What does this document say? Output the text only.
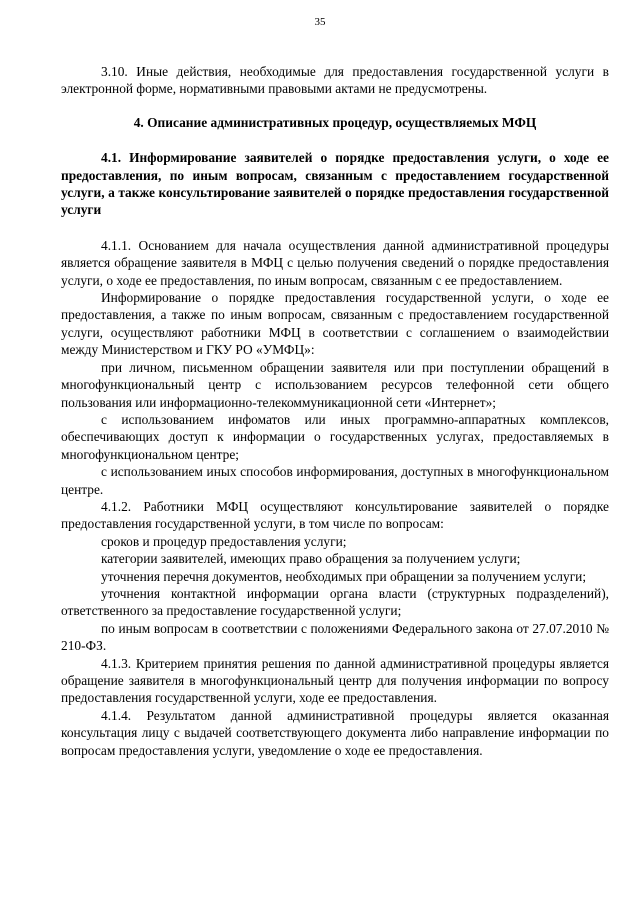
35

3.10. Иные действия, необходимые для предоставления государственной услуги в электронной форме, нормативными правовыми актами не предусмотрены.

4. Описание административных процедур, осуществляемых МФЦ

4.1. Информирование заявителей о порядке предоставления услуги, о ходе ее предоставления, по иным вопросам, связанным с предоставлением государственной услуги, а также консультирование заявителей о порядке предоставления государственной услуги

4.1.1. Основанием для начала осуществления данной административной процедуры является обращение заявителя в МФЦ с целью получения сведений о порядке предоставления услуги, о ходе ее предоставления, по иным вопросам, связанным с ее предоставлением.

Информирование о порядке предоставления государственной услуги, о ходе ее предоставления, а также по иным вопросам, связанным с предоставлением государственной услуги, осуществляют работники МФЦ в соответствии с соглашением о взаимодействии между Министерством и ГКУ РО «УМФЦ»:

при личном, письменном обращении заявителя или при поступлении обращений в многофункциональный центр с использованием ресурсов телефонной сети общего пользования или информационно-телекоммуникационной сети «Интернет»;

с использованием инфоматов или иных программно-аппаратных комплексов, обеспечивающих доступ к информации о государственных услугах, предоставляемых в многофункциональном центре;

с использованием иных способов информирования, доступных в многофункциональном центре.

4.1.2. Работники МФЦ осуществляют консультирование заявителей о порядке предоставления государственной услуги, в том числе по вопросам:

сроков и процедур предоставления услуги;

категории заявителей, имеющих право обращения за получением услуги;

уточнения перечня документов, необходимых при обращении за получением услуги;

уточнения контактной информации органа власти (структурных подразделений), ответственного за предоставление государственной услуги;

по иным вопросам в соответствии с положениями Федерального закона от 27.07.2010 № 210-ФЗ.

4.1.3. Критерием принятия решения по данной административной процедуры является обращение заявителя в многофункциональный центр для получения информации по вопросу предоставления государственной услуги, ходе ее предоставления.

4.1.4. Результатом данной административной процедуры является оказанная консультация лицу с выдачей соответствующего документа либо направление информации по вопросам предоставления услуги, уведомление о ходе ее предоставления.
